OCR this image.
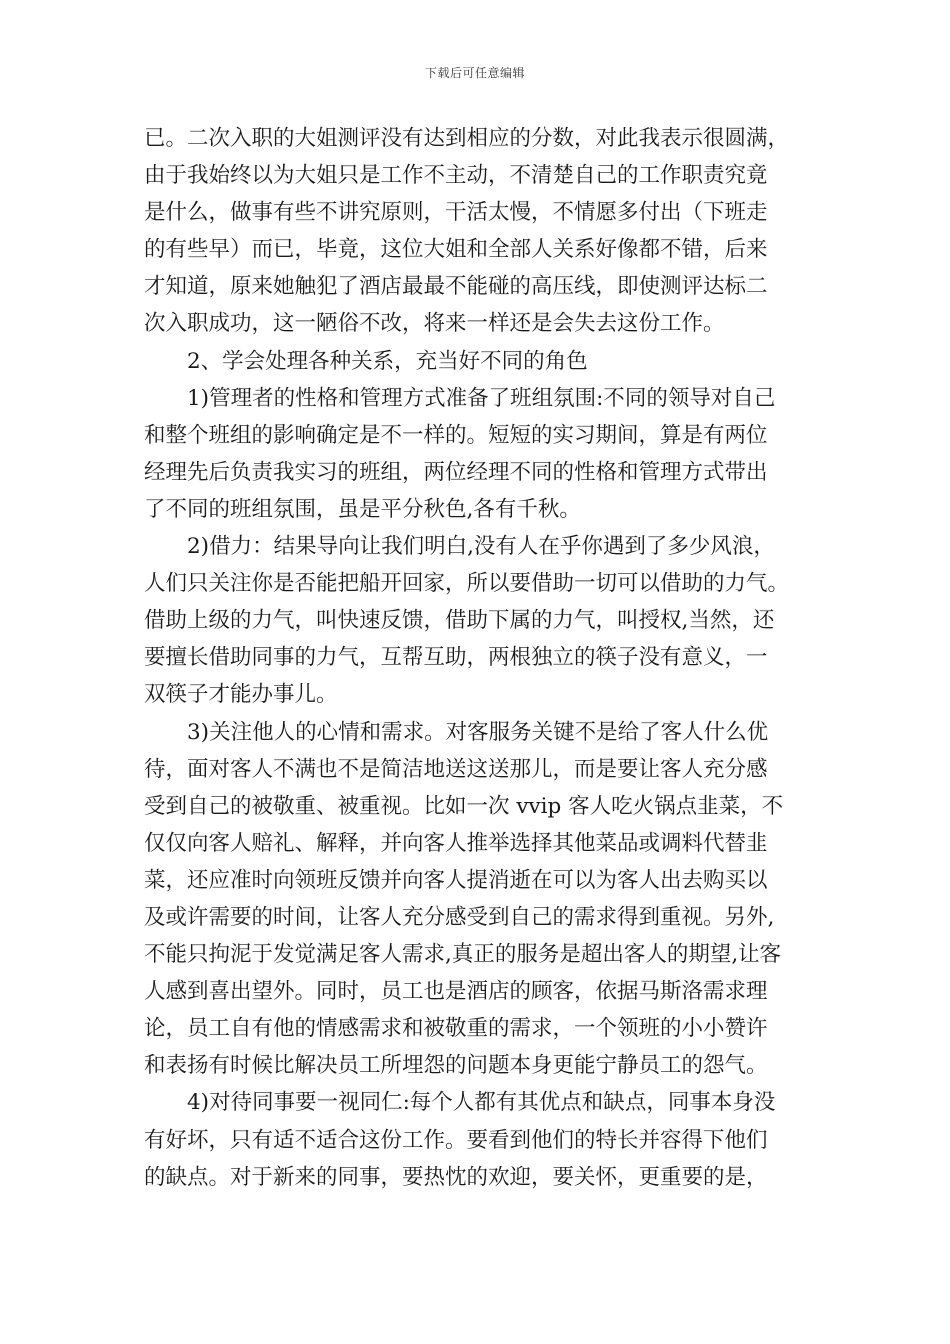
下载后可任意编辑
已。二次入职的大姐测评没有达到相应的分数，对此我表示很圆满，
由于我始终以为大姐只是工作不主动，不清楚自己的工作职责究竟
是什么，做事有些不讲究原则，干活太慢，不情愿多付出（下班走
的有些早）而已，毕竟，这位大姐和全部人关系好像都不错，后来
才知道，原来她触犯了酒店最最不能碰的高压线，即使测评达标二
次入职成功，这一陋俗不改，将来一样还是会失去这份工作。
2、学会处理各种关系，充当好不同的角色
1)管理者的性格和管理方式准备了班组氛围:不同的领导对自己
和整个班组的影响确定是不一样的。短短的实习期间，算是有两位
经理先后负责我实习的班组，两位经理不同的性格和管理方式带出
了不同的班组氛围，虽是平分秋色,各有千秋。
2)借力：结果导向让我们明白,没有人在乎你遇到了多少风浪，
人们只关注你是否能把船开回家，所以要借助一切可以借助的力气。
借助上级的力气，叫快速反馈，借助下属的力气，叫授权,当然，还
要擅长借助同事的力气，互帮互助，两根独立的筷子没有意义，一
双筷子才能办事儿。
3)关注他人的心情和需求。对客服务关键不是给了客人什么优
待，面对客人不满也不是简洁地送这送那儿，而是要让客人充分感
受到自己的被敬重、被重视。比如一次 vvip 客人吃火锅点韭菜，不
仅仅向客人赔礼、解释，并向客人推举选择其他菜品或调料代替韭
菜，还应准时向领班反馈并向客人提消逝在可以为客人出去购买以
及或许需要的时间，让客人充分感受到自己的需求得到重视。另外,
不能只拘泥于发觉满足客人需求,真正的服务是超出客人的期望,让客
人感到喜出望外。同时，员工也是酒店的顾客，依据马斯洛需求理
论，员工自有他的情感需求和被敬重的需求，一个领班的小小赞许
和表扬有时候比解决员工所埋怨的问题本身更能宁静员工的怨气。
4)对待同事要一视同仁:每个人都有其优点和缺点，同事本身没
有好坏，只有适不适合这份工作。要看到他们的特长并容得下他们
的缺点。对于新来的同事，要热忱的欢迎，要关怀，更重要的是，
